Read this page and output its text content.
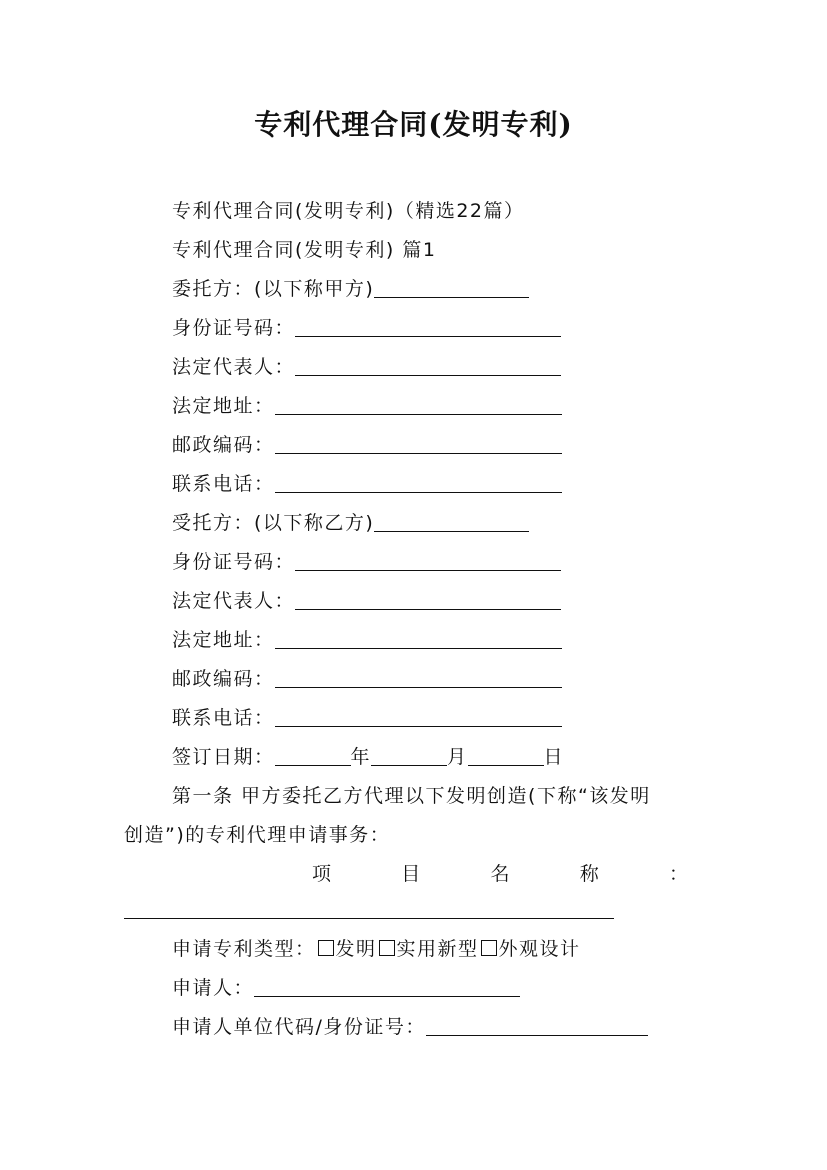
专利代理合同(发明专利)
专利代理合同(发明专利)（精选22篇）
专利代理合同(发明专利) 篇1
委托方：(以下称甲方)
身份证号码：
法定代表人：
法定地址：
邮政编码：
联系电话：
受托方：(以下称乙方)
身份证号码：
法定代表人：
法定地址：
邮政编码：
联系电话：
签订日期：	年	月	日
第一条 甲方委托乙方代理以下发明创造(下称“该发明
创造”)的专利代理申请事务：
项	目	名	称	：
申请专利类型： 发明 实用新型 外观设计
申请人：
申请人单位代码/身份证号：
